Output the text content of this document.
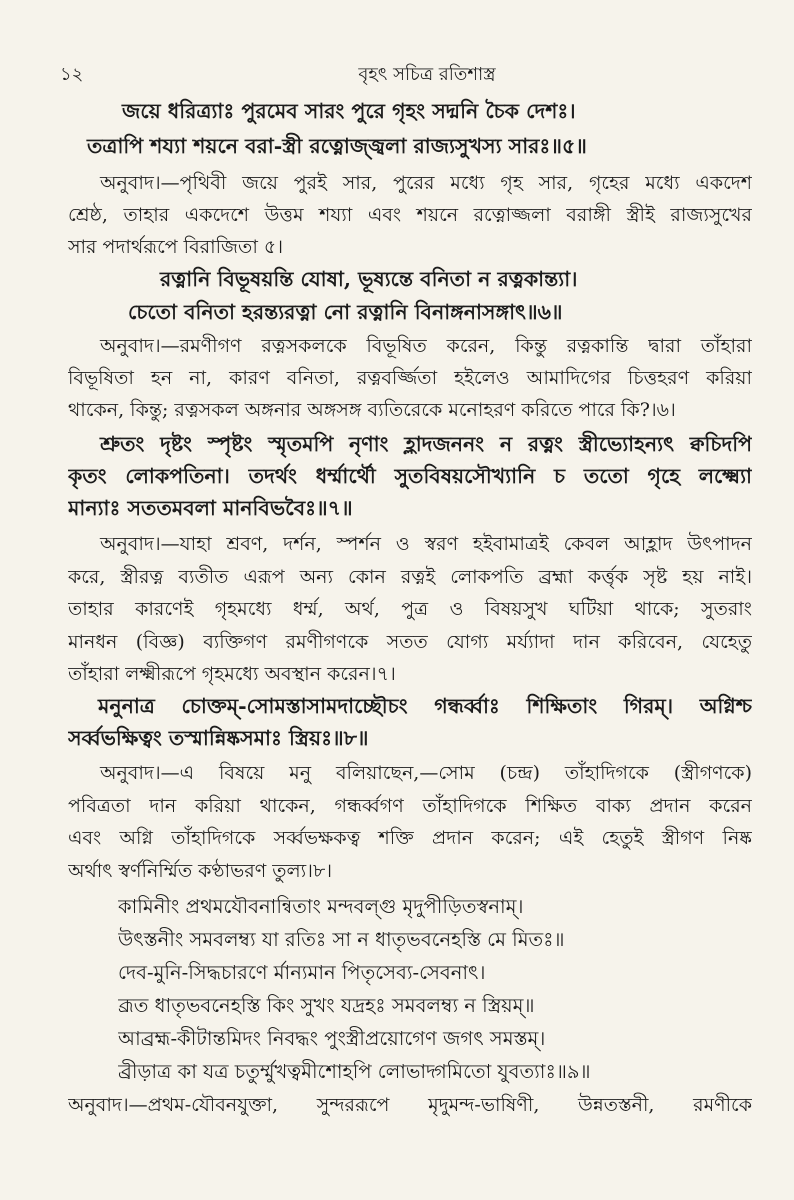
১২	বৃহৎ সচিত্র রতিশাস্ত্র
জয়ে ধরিত্র্যাঃ পুরমেব সারং পুরে গৃহং সদ্মনি চৈক দেশঃ।
তত্রাপি শয্যা শয়নে বরা-স্ত্রী রত্নোজ্জ্বলা রাজ্যসুখস্য সারঃ॥৫॥
অনুবাদ।—পৃথিবী জয়ে পুরই সার, পুরের মধ্যে গৃহ সার, গৃহের মধ্যে একদেশ
শ্রেষ্ঠ, তাহার একদেশে উত্তম শয্যা এবং শয়নে রত্নোজ্জলা বরাঙ্গী স্ত্রীই রাজ্যসুখের
সার পদার্থরূপে বিরাজিতা ৫।
রত্নানি বিভূষয়ন্তি যোষা, ভূষ্যন্তে বনিতা ন রত্নকান্ত্যা।
চেতো বনিতা হরন্ত্যরত্না নো রত্নানি বিনাঙ্গনাসঙ্গাৎ॥৬॥
অনুবাদ।—রমণীগণ রত্নসকলকে বিভূষিত করেন, কিন্তু রত্নকান্তি দ্বারা তাঁহারা
বিভূষিতা হন না, কারণ বনিতা, রত্নবর্জ্জিতা হইলেও আমাদিগের চিত্তহরণ করিয়া
থাকেন, কিন্তু; রত্নসকল অঙ্গনার অঙ্গসঙ্গ ব্যতিরেকে মনোহরণ করিতে পারে কি?।৬।
শ্রুতং দৃষ্টং স্পৃষ্টং স্মৃতমপি নৃণাং হ্লাদজননং ন রত্নং স্ত্রীভ্যোহন্যৎ ক্বচিদপি
কৃতং লোকপতিনা। তদর্থং ধর্ম্মার্থৌ সুতবিষয়সৌখ্যানি চ ততো গৃহে লক্ষ্ম্যো
মান্যাঃ সততমবলা মানবিভবৈঃ॥৭॥
অনুবাদ।—যাহা শ্রবণ, দর্শন, স্পর্শন ও স্বরণ হইবামাত্রই কেবল আহ্লাদ উৎপাদন
করে, স্ত্রীরত্ন ব্যতীত এরূপ অন্য কোন রত্নই লোকপতি ব্রহ্মা কর্ত্তৃক সৃষ্ট হয় নাই।
তাহার কারণেই গৃহমধ্যে ধর্ম্ম, অর্থ, পুত্র ও বিষয়সুখ ঘটিয়া থাকে; সুতরাং
মানধন (বিজ্ঞ) ব্যক্তিগণ রমণীগণকে সতত যোগ্য মর্য্যাদা দান করিবেন, যেহেতু
তাঁহারা লক্ষ্মীরূপে গৃহমধ্যে অবস্থান করেন।৭।
মনুনাত্র চোক্তম্-সোমস্তাসামদাচ্ছৌচং গন্ধর্ব্বাঃ শিক্ষিতাং গিরম্। অগ্নিশ্চ
সর্ব্বভক্ষিত্বং তস্মান্নিষ্কসমাঃ স্ত্রিয়ঃ॥৮॥
অনুবাদ।—এ বিষয়ে মনু বলিয়াছেন,—সোম (চন্দ্র) তাঁহাদিগকে (স্ত্রীগণকে)
পবিত্রতা দান করিয়া থাকেন, গন্ধর্ব্বগণ তাঁহাদিগকে শিক্ষিত বাক্য প্রদান করেন
এবং অগ্নি তাঁহাদিগকে সর্ব্বভক্ষকত্ব শক্তি প্রদান করেন; এই হেতুই স্ত্রীগণ নিষ্ক
অর্থাৎ স্বর্ণনির্ম্মিত কণ্ঠাভরণ তুল্য।৮।
কামিনীং প্রথমযৌবনান্বিতাং মন্দবল্গু মৃদুপীড়িতস্বনাম্।
উৎস্তনীং সমবলম্ব্য যা রতিঃ সা ন ধাতৃভবনেহস্তি মে মিতঃ॥
দেব-মুনি-সিদ্ধচারণে র্মান্যমান পিতৃসেব্য-সেবনাৎ।
ব্রূত ধাতৃভবনেহস্তি কিং সুখং যদ্রহঃ সমবলম্ব্য ন স্ত্রিয়ম্॥
আব্রহ্ম-কীটান্তমিদং নিবদ্ধং পুংস্ত্রীপ্রয়োগেণ জগৎ সমস্তম্।
ব্রীড়াত্র কা যত্র চতুর্ম্মুখত্বমীশোহপি লোভাদ্গমিতো যুবত্যাঃ॥৯॥
অনুবাদ।—প্রথম-যৌবনযুক্তা, সুন্দররূপে মৃদুমন্দ-ভাষিণী, উন্নতস্তনী, রমণীকে
